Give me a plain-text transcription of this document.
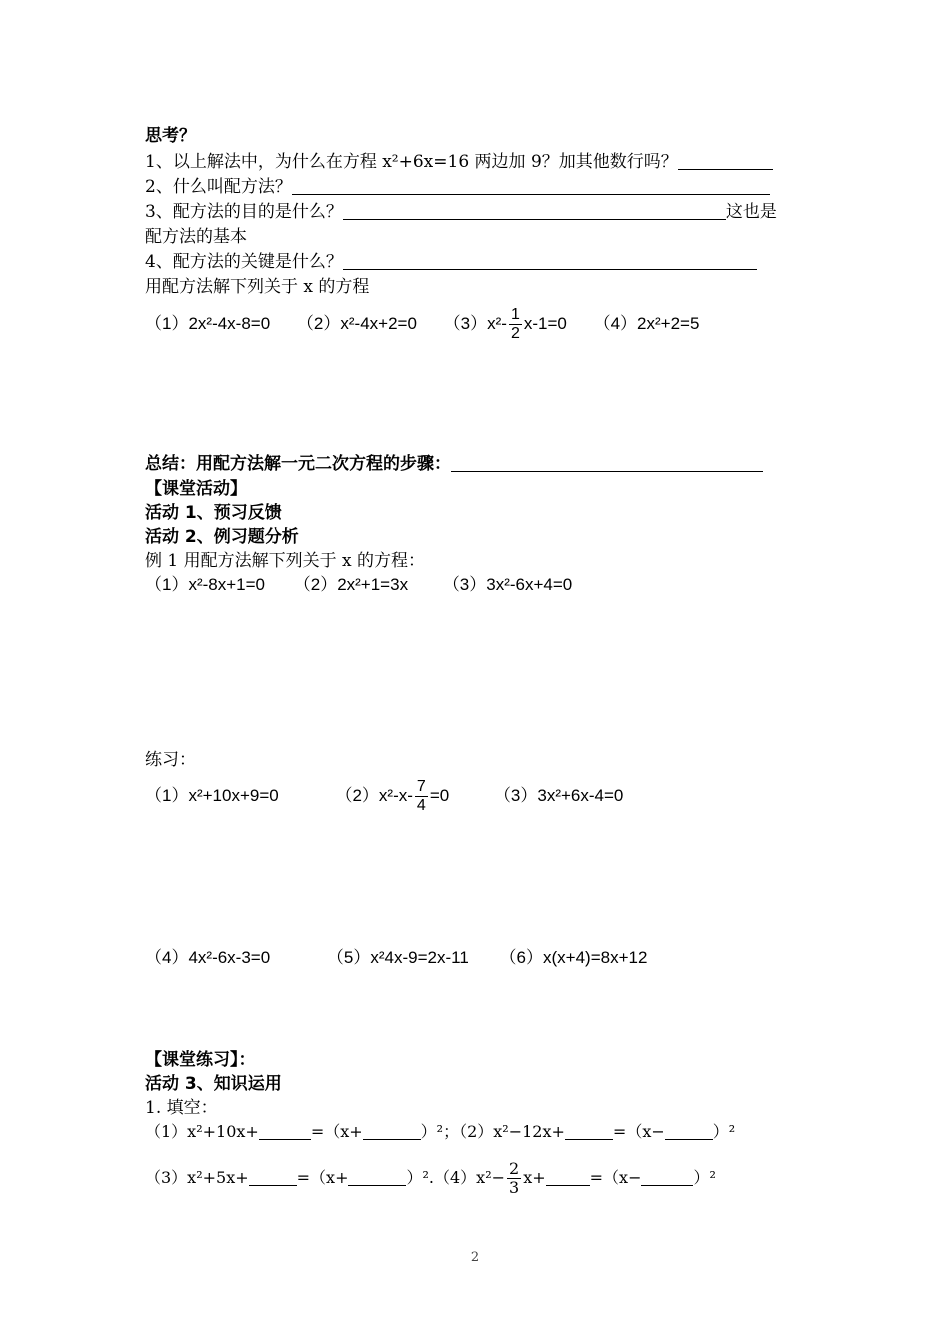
思考？
1、以上解法中，为什么在方程 x²+6x=16 两边加 9？加其他数行吗？
2、什么叫配方法？
3、配方法的目的是什么？	这也是
配方法的基本
4、配方法的关键是什么？
用配方法解下列关于 x 的方程
（1）2x²-4x-8=0 （2）x²-4x+2=0 $(3)x^2- \frac{1}{2} x-1=0$ （4）2x²+2=5
总结：用配方法解一元二次方程的步骤：
【课堂活动】
活动 1、预习反馈
活动 2、例习题分析
例 1 用配方法解下列关于 x 的方程：
（1）x²-8x+1=0 （2）2x²+1=3x （3）3x²-6x+4=0
练习：
（1）x²+10x+9=0	$(2)x^2-x- \frac{7}{4} =0$	（3）3x²+6x-4=0
（4）4x²-6x-3=0	（5）x²4x-9=2x-11 （6）x(x+4)=8x+12
【课堂练习】：
活动 3、知识运用
1. 填空：
（1）x²+10x+	=（x+	）²；（2）x²−12x+	=（x−	）²
（3）x²+5x+	=（x+	）$^2.(4)x^2- \frac{2}{3} x+$	=（x−	）²
2
